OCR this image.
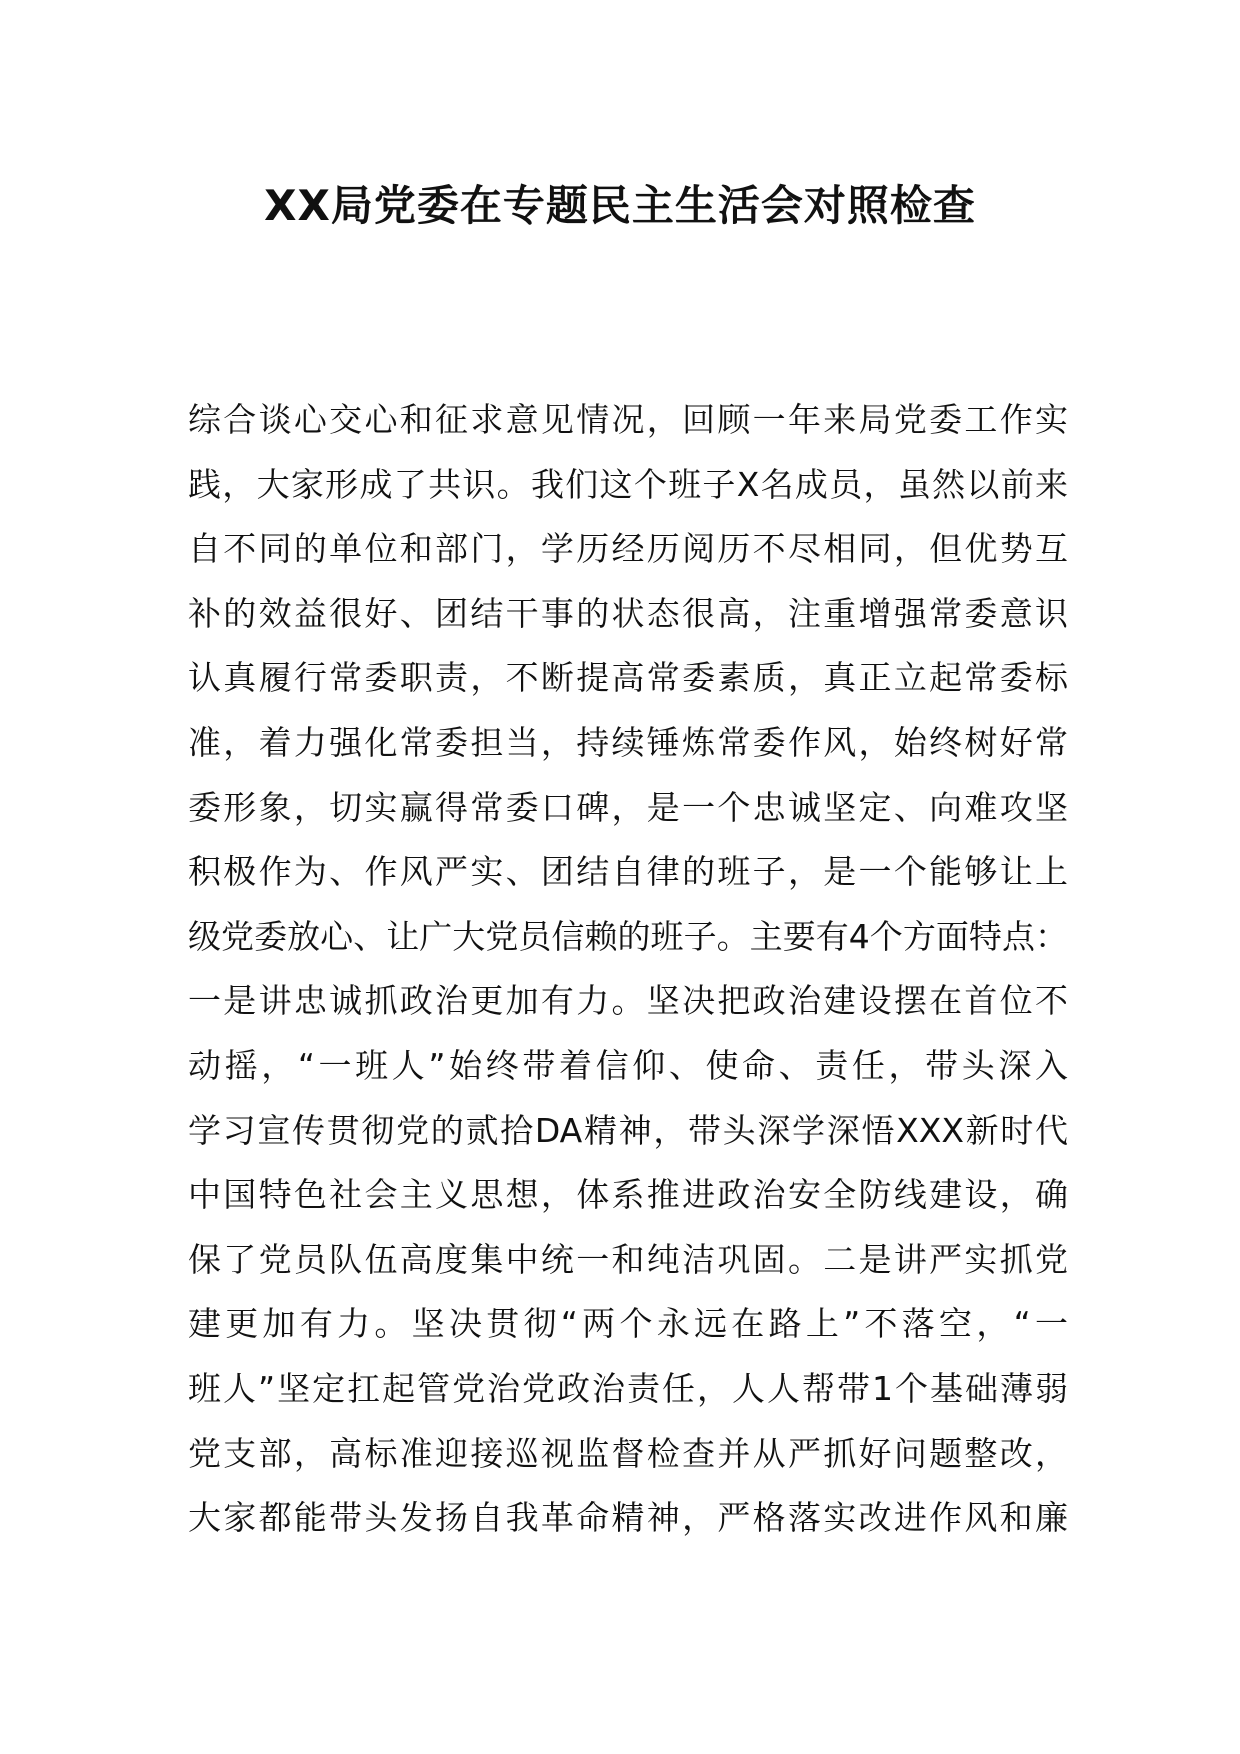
XX局党委在专题民主生活会对照检查
综合谈心交心和征求意见情况，回顾一年来局党委工作实
践，大家形成了共识。我们这个班子X名成员，虽然以前来
自不同的单位和部门，学历经历阅历不尽相同，但优势互
补的效益很好、团结干事的状态很高，注重增强常委意识
认真履行常委职责，不断提高常委素质，真正立起常委标
准，着力强化常委担当，持续锤炼常委作风，始终树好常
委形象，切实赢得常委口碑，是一个忠诚坚定、向难攻坚
积极作为、作风严实、团结自律的班子，是一个能够让上
级党委放心、让广大党员信赖的班子。主要有4个方面特点：
一是讲忠诚抓政治更加有力。坚决把政治建设摆在首位不
动摇，“一班人”始终带着信仰、使命、责任，带头深入
学习宣传贯彻党的贰拾DA精神，带头深学深悟XXX新时代
中国特色社会主义思想，体系推进政治安全防线建设，确
保了党员队伍高度集中统一和纯洁巩固。二是讲严实抓党
建更加有力。坚决贯彻“两个永远在路上”不落空，“一
班人”坚定扛起管党治党政治责任，人人帮带1个基础薄弱
党支部，高标准迎接巡视监督检查并从严抓好问题整改，
大家都能带头发扬自我革命精神，严格落实改进作风和廉
